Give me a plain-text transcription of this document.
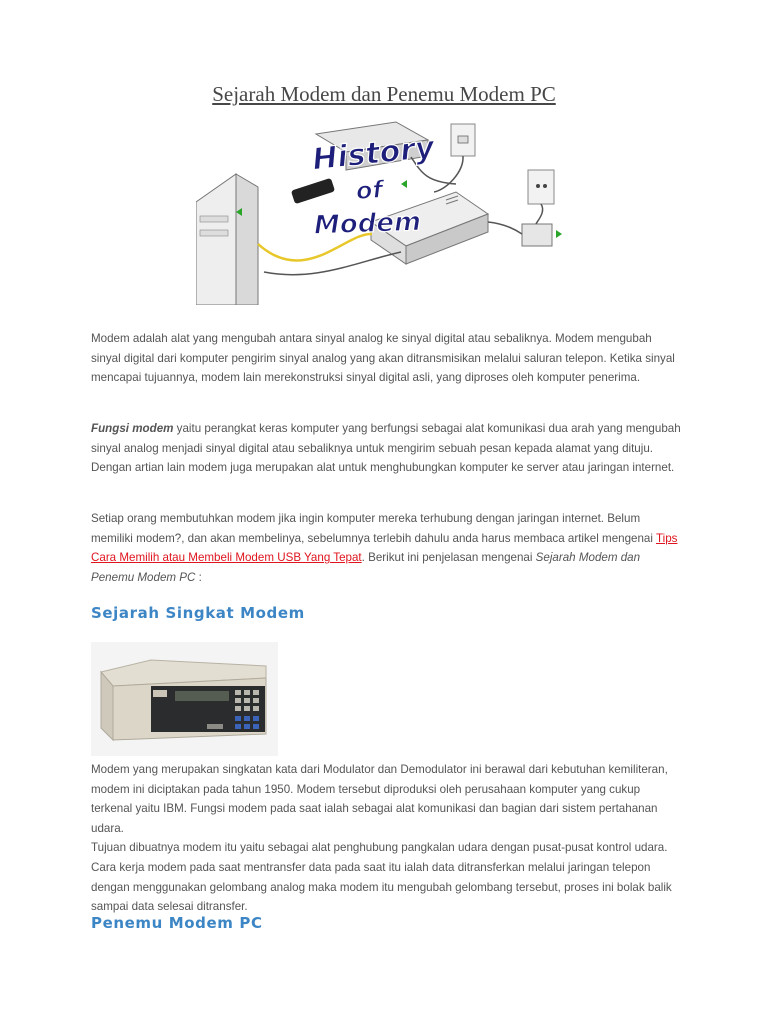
Sejarah Modem dan Penemu Modem PC
History
of
Modem
Modem adalah alat yang mengubah antara sinyal analog ke sinyal digital atau sebaliknya. Modem mengubah sinyal digital dari komputer pengirim sinyal analog yang akan ditransmisikan melalui saluran telepon. Ketika sinyal mencapai tujuannya, modem lain merekonstruksi sinyal digital asli, yang diproses oleh komputer penerima.
Fungsi modem yaitu perangkat keras komputer yang berfungsi sebagai alat komunikasi dua arah yang mengubah sinyal analog menjadi sinyal digital atau sebaliknya untuk mengirim sebuah pesan kepada alamat yang dituju. Dengan artian lain modem juga merupakan alat untuk menghubungkan komputer ke server atau jaringan internet.
Setiap orang membutuhkan modem jika ingin komputer mereka terhubung dengan jaringan internet. Belum memiliki modem?, dan akan membelinya, sebelumnya terlebih dahulu anda harus membaca artikel mengenai Tips Cara Memilih atau Membeli Modem USB Yang Tepat. Berikut ini penjelasan mengenai Sejarah Modem dan Penemu Modem PC :
Sejarah Singkat Modem
Modem yang merupakan singkatan kata dari Modulator dan Demodulator ini berawal dari kebutuhan kemiliteran, modem ini diciptakan pada tahun 1950. Modem tersebut diproduksi oleh perusahaan komputer yang cukup terkenal yaitu IBM. Fungsi modem pada saat ialah sebagai alat komunikasi dan bagian dari sistem pertahanan udara.
Tujuan dibuatnya modem itu yaitu sebagai alat penghubung pangkalan udara dengan pusat-pusat kontrol udara. Cara kerja modem pada saat mentransfer data pada saat itu ialah data ditransferkan melalui jaringan telepon dengan menggunakan gelombang analog maka modem itu mengubah gelombang tersebut, proses ini bolak balik sampai data selesai ditransfer.
Penemu Modem PC
